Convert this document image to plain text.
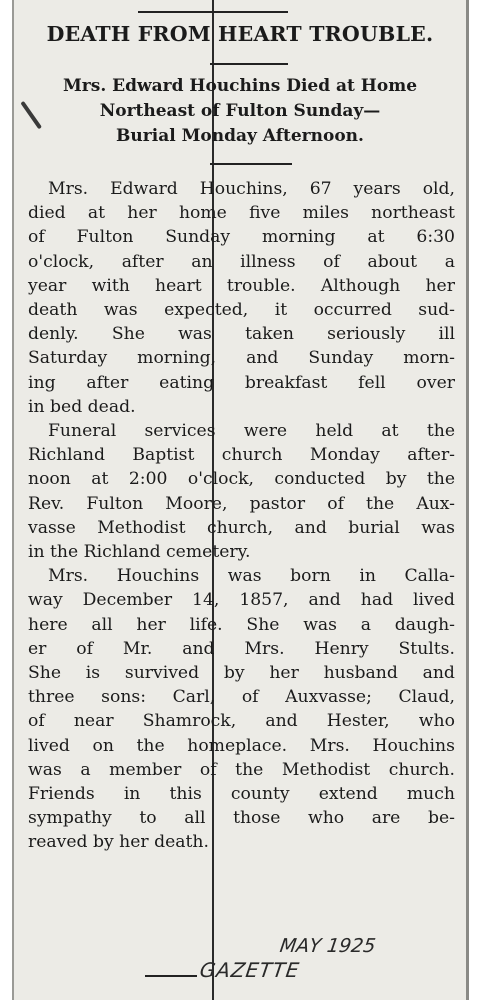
DEATH FROM HEART TROUBLE.
Mrs. Edward Houchins Died at Home
Northeast of Fulton Sunday—
Burial Monday Afternoon.
Mrs. Edward Houchins, 67 years old,
died at her home five miles northeast
of Fulton Sunday morning at 6:30
o'clock, after an illness of about a
year with heart trouble. Although her
death was expected, it occurred sud-
denly. She was taken seriously ill
Saturday morning, and Sunday morn-
ing after eating breakfast fell over
in bed dead.
Funeral services were held at the
Richland Baptist church Monday after-
noon at 2:00 o'clock, conducted by the
Rev. Fulton Moore, pastor of the Aux-
vasse Methodist church, and burial was
in the Richland cemetery.
Mrs. Houchins was born in Calla-
way December 14, 1857, and had lived
here all her life. She was a daugh-
er of Mr. and Mrs. Henry Stults.
She is survived by her husband and
three sons: Carl, of Auxvasse; Claud,
of near Shamrock, and Hester, who
lived on the homeplace. Mrs. Houchins
was a member of the Methodist church.
Friends in this county extend much
sympathy to all those who are be-
reaved by her death.
MAY 1925
GAZETTE
